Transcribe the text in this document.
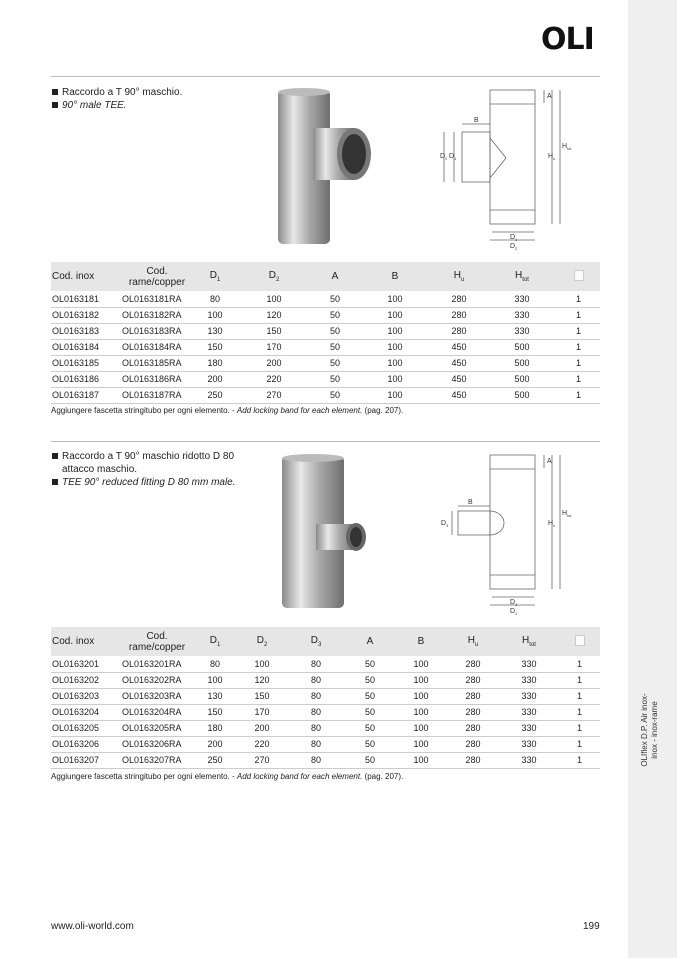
OLIflex D.P. Air inox- inox - inox-rame
OLI
Raccordo a T 90° maschio.
90° male TEE.
A
B
$H_u$
$H_{tot}$
$D_2$ $D_1$
$D_1$
$D_2$
Cod. inox	Cod.
rame/copper	$D_1$	$D_2$	A	B	$H_u$	$H_{tot}$	
OL0163181	OL0163181RA	80	100	50	100	280	330	1
OL0163182	OL0163182RA	100	120	50	100	280	330	1
OL0163183	OL0163183RA	130	150	50	100	280	330	1
OL0163184	OL0163184RA	150	170	50	100	450	500	1
OL0163185	OL0163185RA	180	200	50	100	450	500	1
OL0163186	OL0163186RA	200	220	50	100	450	500	1
OL0163187	OL0163187RA	250	270	50	100	450	500	1
Aggiungere fascetta stringitubo per ogni elemento. - Add locking band for each element. (pag. 207).
Raccordo a T 90° maschio ridotto D 80 attacco maschio.
TEE 90° reduced fitting D 80 mm male.
A
B
$H_u$
$H_{tot}$
$D_3$
$D_1$
$D_2$
Cod. inox	Cod.
rame/copper	$D_1$	$D_2$	$D_3$	A	B	$H_u$	$H_{tot}$	
OL0163201	OL0163201RA	80	100	80	50	100	280	330	1
OL0163202	OL0163202RA	100	120	80	50	100	280	330	1
OL0163203	OL0163203RA	130	150	80	50	100	280	330	1
OL0163204	OL0163204RA	150	170	80	50	100	280	330	1
OL0163205	OL0163205RA	180	200	80	50	100	280	330	1
OL0163206	OL0163206RA	200	220	80	50	100	280	330	1
OL0163207	OL0163207RA	250	270	80	50	100	280	330	1
Aggiungere fascetta stringitubo per ogni elemento. - Add locking band for each element. (pag. 207).
www.oli-world.com	199
